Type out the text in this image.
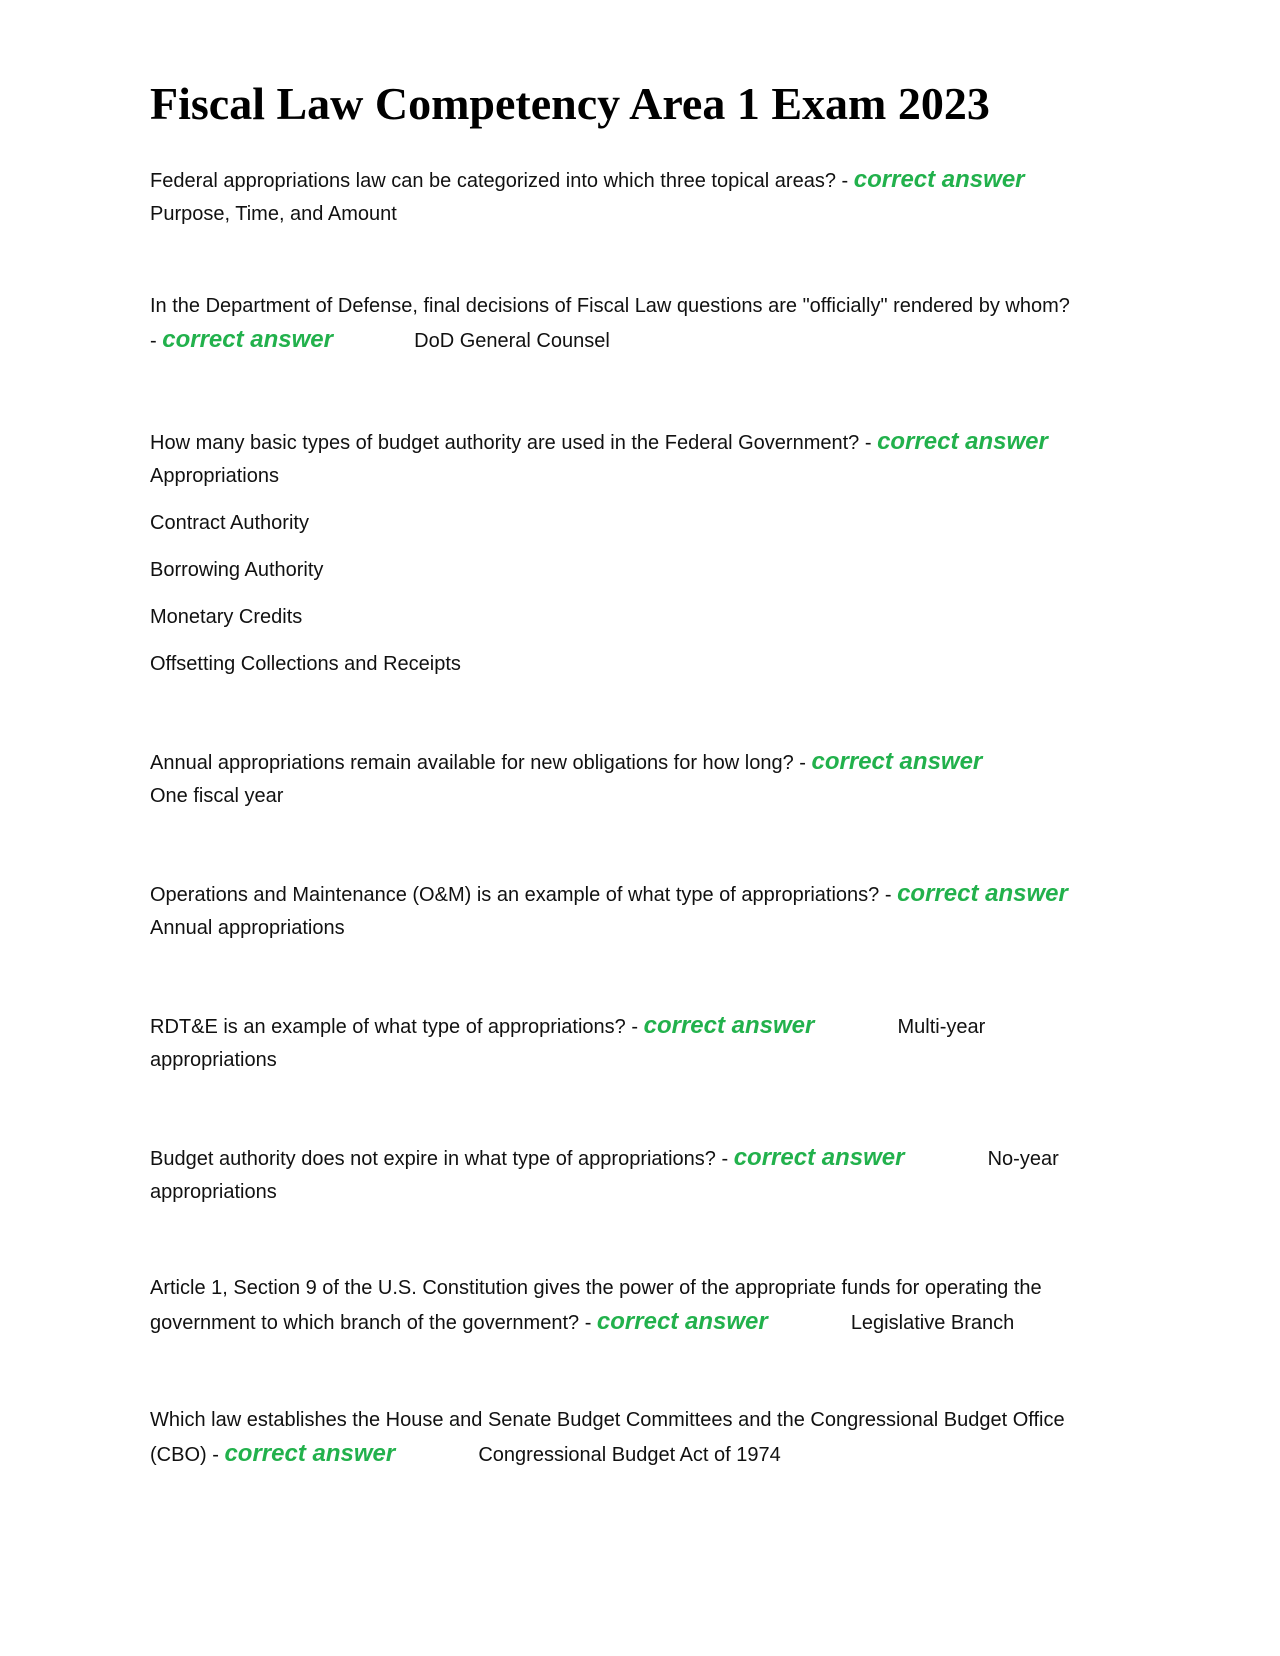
Fiscal Law Competency Area 1 Exam 2023
Federal appropriations law can be categorized into which three topical areas? - correct answer
Purpose, Time, and Amount
In the Department of Defense, final decisions of Fiscal Law questions are "officially" rendered by whom?
- correct answer	DoD General Counsel
How many basic types of budget authority are used in the Federal Government? - correct answer
Appropriations
Contract Authority
Borrowing Authority
Monetary Credits
Offsetting Collections and Receipts
Annual appropriations remain available for new obligations for how long? - correct answer
One fiscal year
Operations and Maintenance (O&M) is an example of what type of appropriations? - correct answer
Annual appropriations
RDT&E is an example of what type of appropriations? - correct answer	Multi-year
appropriations
Budget authority does not expire in what type of appropriations? - correct answer	No-year
appropriations
Article 1, Section 9 of the U.S. Constitution gives the power of the appropriate funds for operating the
government to which branch of the government? - correct answer	Legislative Branch
Which law establishes the House and Senate Budget Committees and the Congressional Budget Office
(CBO) - correct answer	Congressional Budget Act of 1974
